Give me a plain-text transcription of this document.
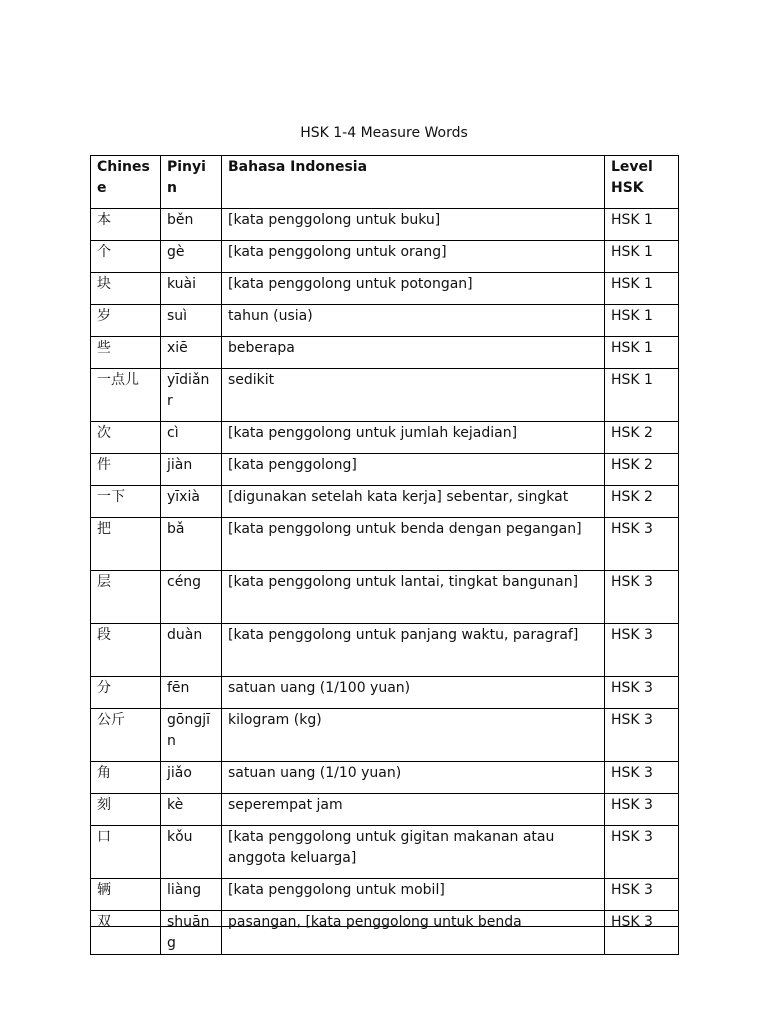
HSK 1-4 Measure Words
Chinese	Pinyin	Bahasa Indonesia	Level HSK
本	běn	[kata penggolong untuk buku]	HSK 1
个	gè	[kata penggolong untuk orang]	HSK 1
块	kuài	[kata penggolong untuk potongan]	HSK 1
岁	suì	tahun (usia)	HSK 1
些	xiē	beberapa	HSK 1
一点儿	yīdiǎnr	sedikit	HSK 1
次	cì	[kata penggolong untuk jumlah kejadian]	HSK 2
件	jiàn	[kata penggolong]	HSK 2
一下	yīxià	[digunakan setelah kata kerja] sebentar, singkat	HSK 2
把	bǎ	[kata penggolong untuk benda dengan pegangan]	HSK 3
层	céng	[kata penggolong untuk lantai, tingkat bangunan]	HSK 3
段	duàn	[kata penggolong untuk panjang waktu, paragraf]	HSK 3
分	fēn	satuan uang (1/100 yuan)	HSK 3
公斤	gōngjīn	kilogram (kg)	HSK 3
角	jiǎo	satuan uang (1/10 yuan)	HSK 3
刻	kè	seperempat jam	HSK 3
口	kǒu	[kata penggolong untuk gigitan makanan atau anggota keluarga]	HSK 3
辆	liàng	[kata penggolong untuk mobil]	HSK 3
双	shuāng	pasangan, [kata penggolong untuk benda	HSK 3
